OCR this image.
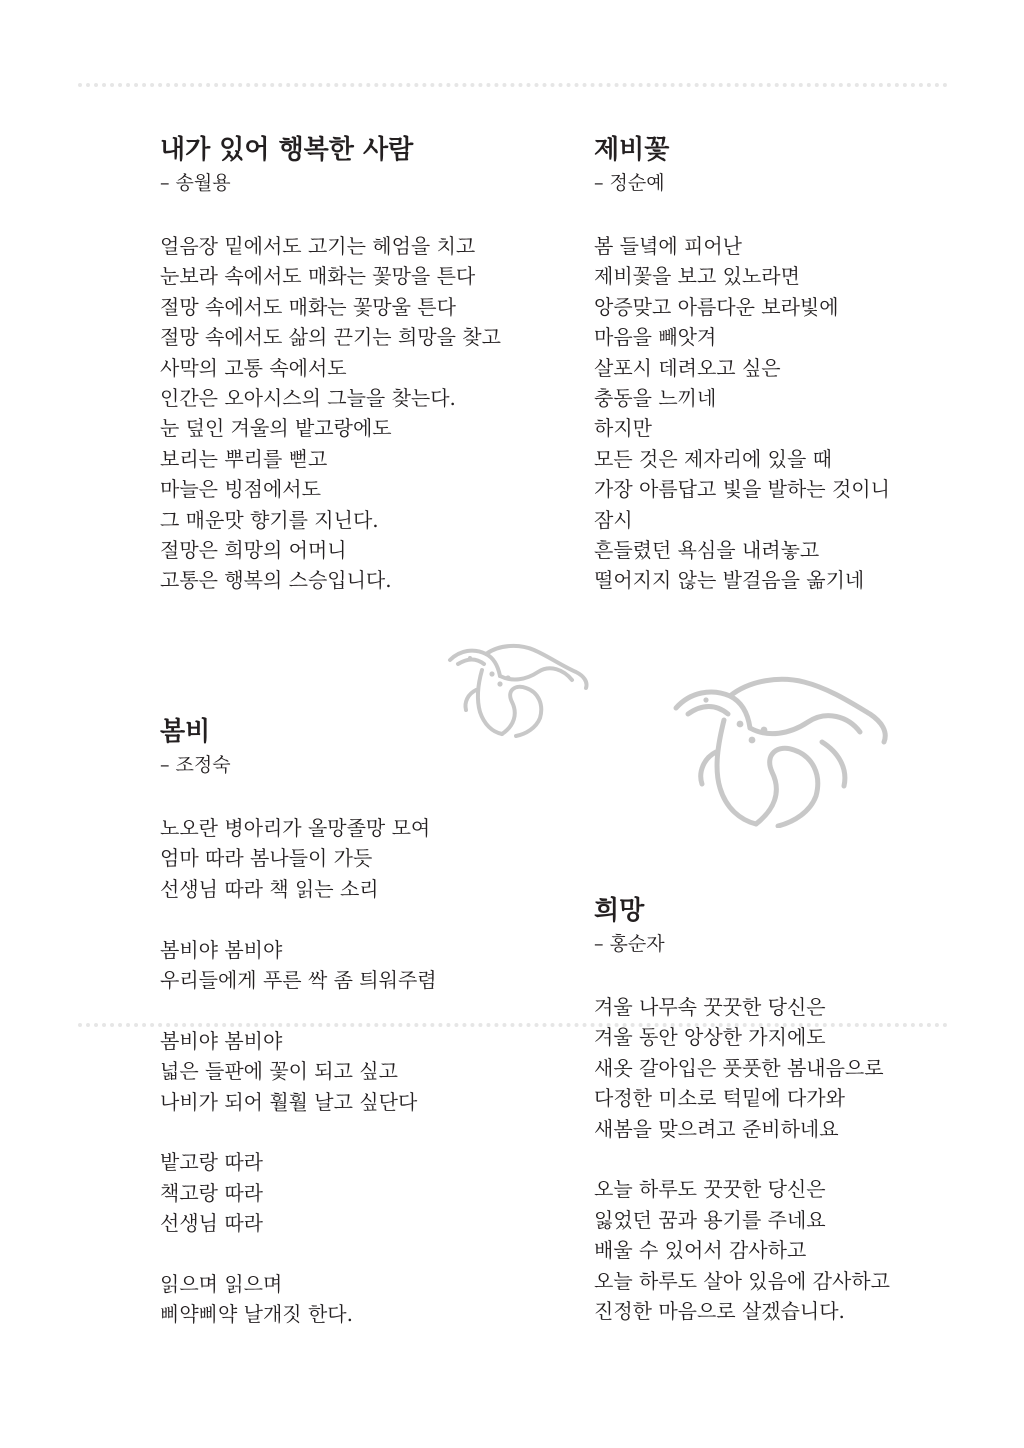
내가 있어 행복한 사람
– 송월용
얼음장 밑에서도 고기는 헤엄을 치고
눈보라 속에서도 매화는 꽃망을 튼다
절망 속에서도 매화는 꽃망울 튼다
절망 속에서도 삶의 끈기는 희망을 찾고
사막의 고통 속에서도
인간은 오아시스의 그늘을 찾는다.
눈 덮인 겨울의 밭고랑에도
보리는 뿌리를 뻗고
마늘은 빙점에서도
그 매운맛 향기를 지닌다.
절망은 희망의 어머니
고통은 행복의 스승입니다.
제비꽃
– 정순예
봄 들녘에 피어난
제비꽃을 보고 있노라면
앙증맞고 아름다운 보라빛에
마음을 빼앗겨
살포시 데려오고 싶은
충동을 느끼네
하지만
모든 것은 제자리에 있을 때
가장 아름답고 빛을 발하는 것이니
잠시
흔들렸던 욕심을 내려놓고
떨어지지 않는 발걸음을 옮기네
봄비
– 조정숙
노오란 병아리가 올망졸망 모여
엄마 따라 봄나들이 가듯
선생님 따라 책 읽는 소리
봄비야 봄비야
우리들에게 푸른 싹 좀 틔워주렴
봄비야 봄비야
넓은 들판에 꽃이 되고 싶고
나비가 되어 훨훨 날고 싶단다
밭고랑 따라
책고랑 따라
선생님 따라
읽으며 읽으며
삐약삐약 날개짓 한다.
희망
– 홍순자
겨울 나무속 꿋꿋한 당신은
겨울 동안 앙상한 가지에도
새옷 갈아입은 풋풋한 봄내음으로
다정한 미소로 턱밑에 다가와
새봄을 맞으려고 준비하네요
오늘 하루도 꿋꿋한 당신은
잃었던 꿈과 용기를 주네요
배울 수 있어서 감사하고
오늘 하루도 살아 있음에 감사하고
진정한 마음으로 살겠습니다.
